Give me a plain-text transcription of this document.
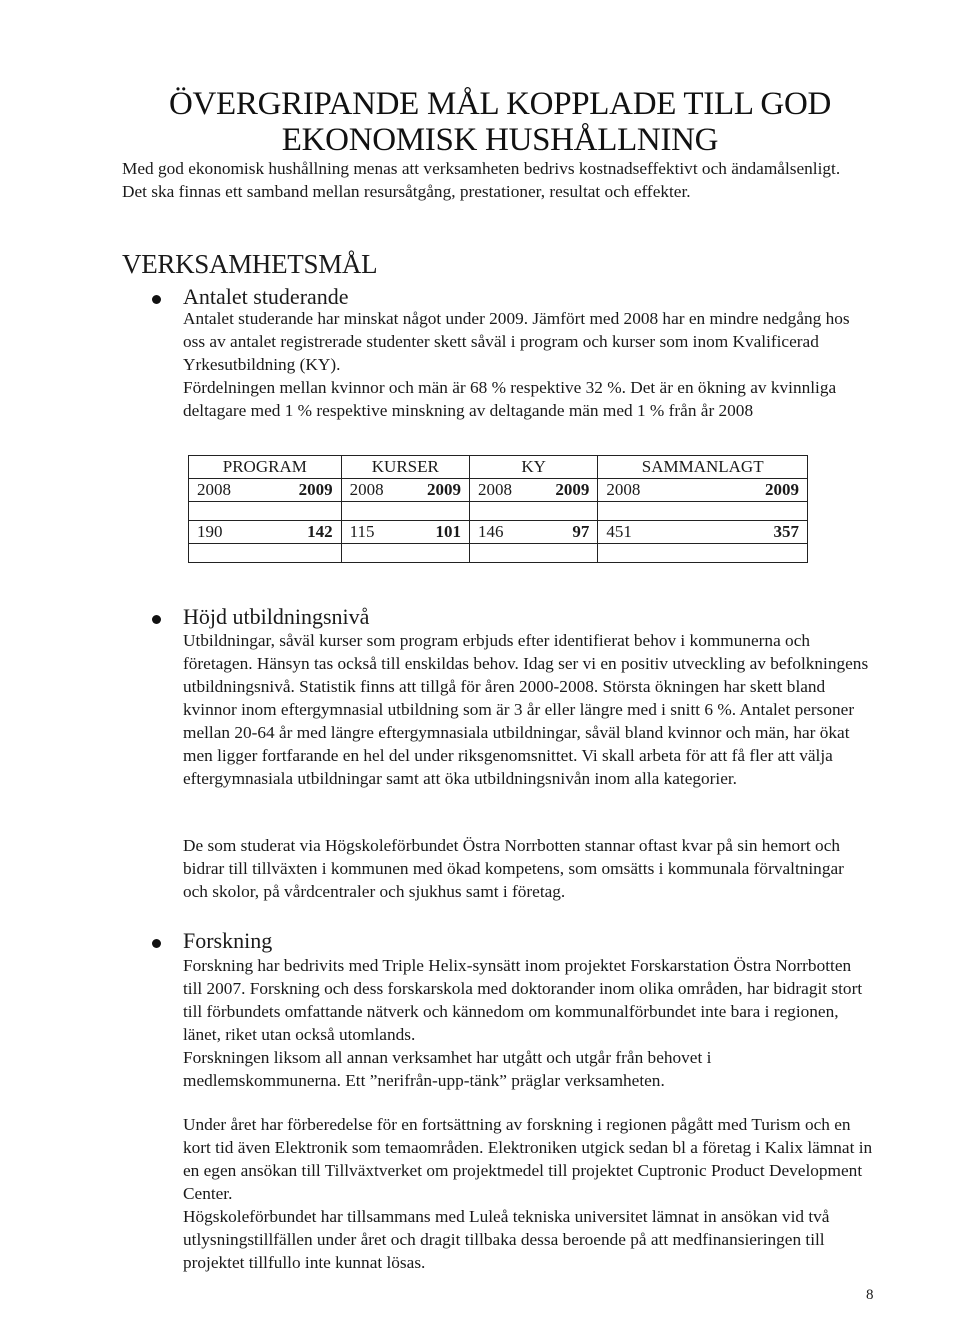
ÖVERGRIPANDE MÅL KOPPLADE TILL GOD
EKONOMISK HUSHÅLLNING
Med god ekonomisk hushållning menas att verksamheten bedrivs kostnadseffektivt och ändamålsenligt. Det ska finnas ett samband mellan resursåtgång, prestationer, resultat och effekter.
VERKSAMHETSMÅL
Antalet studerande

Antalet studerande har minskat något under 2009. Jämfört med 2008 har en mindre nedgång hos oss av antalet registrerade studenter skett såväl i program och kurser som inom Kvalificerad Yrkesutbildning (KY).

Fördelningen mellan kvinnor och män är 68 % respektive 32 %. Det är en ökning av kvinnliga deltagare med 1 % respektive minskning av deltagande män med 1 % från år 2008

PROGRAM	KURSER	KY	SAMMANLAGT

2008 2009	2008 2009	2008 2009	2008 2009

190 142	115 101	146 97	451 357

Höjd utbildningsnivå
Utbildningar, såväl kurser som program erbjuds efter identifierat behov i kommunerna och företagen. Hänsyn tas också till enskildas behov. Idag ser vi en positiv utveckling av befolkningens utbildningsnivå. Statistik finns att tillgå för åren 2000-2008. Största ökningen har skett bland kvinnor inom eftergymnasial utbildning som är 3 år eller längre med i snitt 6 %. Antalet personer mellan 20-64 år med längre eftergymnasiala utbildningar, såväl bland kvinnor och män, har ökat men ligger fortfarande en hel del under riksgenomsnittet. Vi skall arbeta för att få fler att välja eftergymnasiala utbildningar samt att öka utbildningsnivån inom alla kategorier.
De som studerat via Högskoleförbundet Östra Norrbotten stannar oftast kvar på sin hemort och bidrar till tillväxten i kommunen med ökad kompetens, som omsätts i kommunala förvaltningar och skolor, på vårdcentraler och sjukhus samt i företag.
Forskning

Forskning har bedrivits med Triple Helix-synsätt inom projektet Forskarstation Östra Norrbotten till 2007. Forskning och dess forskarskola med doktorander inom olika områden, har bidragit stort till förbundets omfattande nätverk och kännedom om kommunalförbundet inte bara i regionen, länet, riket utan också utomlands.

Forskningen liksom all annan verksamhet har utgått och utgår från behovet i medlemskommunerna. Ett ”nerifrån-upp-tänk” präglar verksamheten.

Under året har förberedelse för en fortsättning av forskning i regionen pågått med Turism och en kort tid även Elektronik som temaområden. Elektroniken utgick sedan bl a företag i Kalix lämnat in en egen ansökan till Tillväxtverket om projektmedel till projektet Cuptronic Product Development Center.

Högskoleförbundet har tillsammans med Luleå tekniska universitet lämnat in ansökan vid två utlysningstillfällen under året och dragit tillbaka dessa beroende på att medfinansieringen till projektet tillfullo inte kunnat lösas.

8
